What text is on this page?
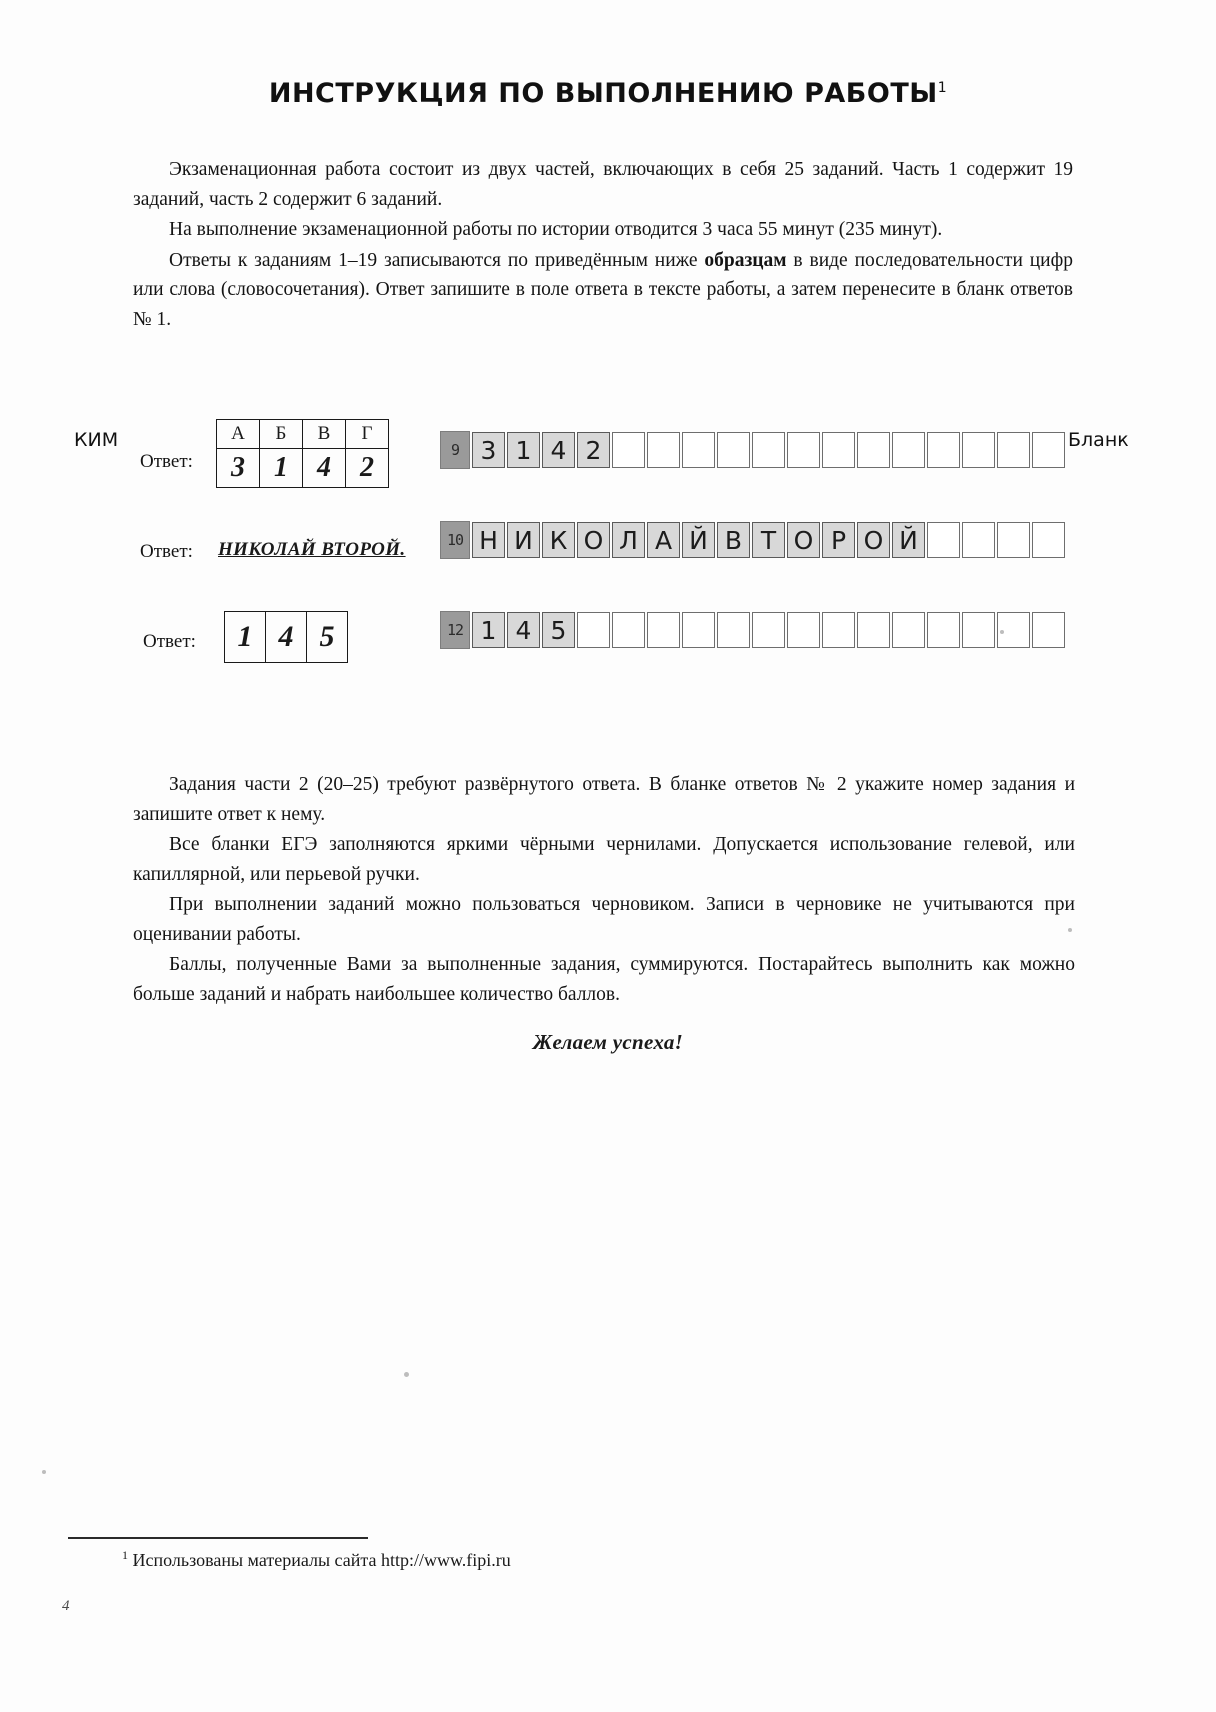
ИНСТРУКЦИЯ ПО ВЫПОЛНЕНИЮ РАБОТЫ$^1$

Экзаменационная работа состоит из двух частей, включающих в себя 25 заданий. Часть 1 содержит 19 заданий, часть 2 содержит 6 заданий.

На выполнение экзаменационной работы по истории отводится 3 часа 55 минут (235 минут).

Ответы к заданиям 1–19 записываются по приведённым ниже образцам в виде последовательности цифр или слова (словосочетания). Ответ запишите в поле ответа в тексте работы, а затем перенесите в бланк ответов № 1.

КИМ	Бланк
Ответ:
А	Б	В	Г
3	1	4	2
9 3 1 4 2
Ответ: НИКОЛАЙ ВТОРОЙ.	10 Н И К О Л А Й В Т О Р О Й
Ответ: 1	4	5	12 1 4 5

Задания части 2 (20–25) требуют развёрнутого ответа. В бланке ответов № 2 укажите номер задания и запишите ответ к нему.

Все бланки ЕГЭ заполняются яркими чёрными чернилами. Допускается использование гелевой, или капиллярной, или перьевой ручки.

При выполнении заданий можно пользоваться черновиком. Записи в черновике не учитываются при оценивании работы.

Баллы, полученные Вами за выполненные задания, суммируются. Постарайтесь выполнить как можно больше заданий и набрать наибольшее количество баллов.

Желаем успеха!
$^1$ Использованы материалы сайта http://www.fipi.ru
4
